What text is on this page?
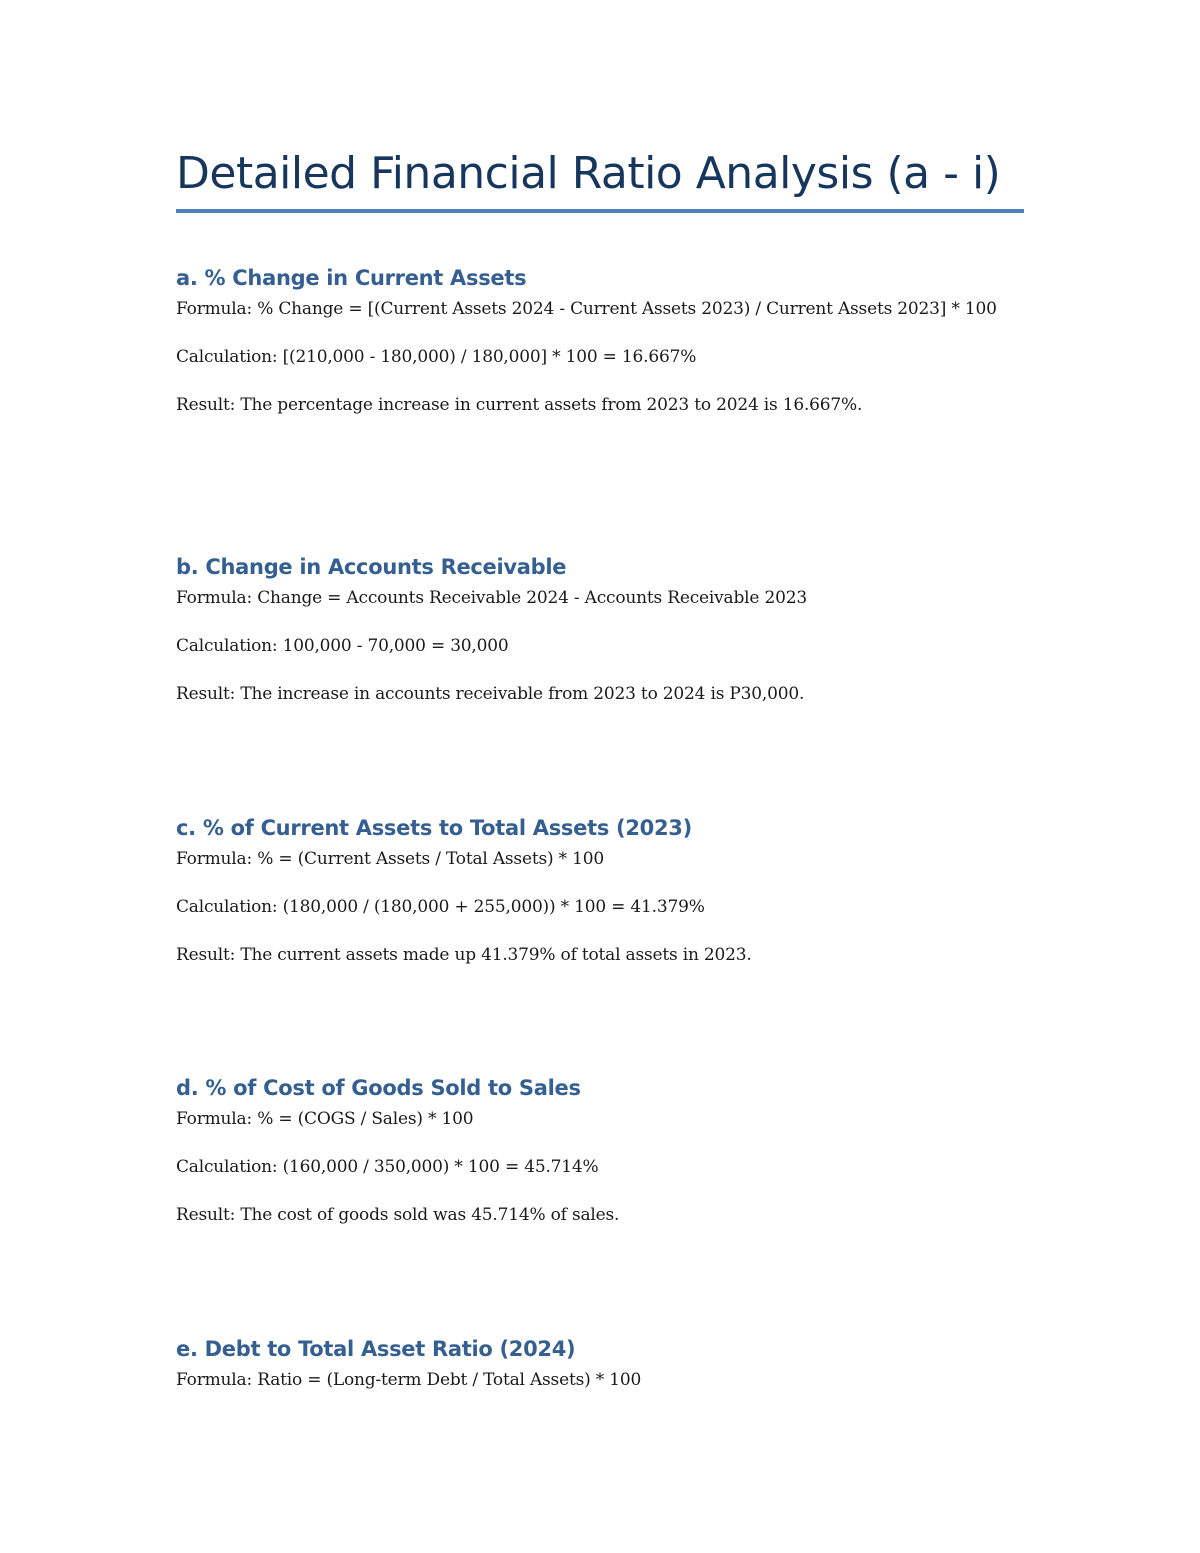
Detailed Financial Ratio Analysis (a - i)
a. % Change in Current Assets

Formula: % Change = [(Current Assets 2024 - Current Assets 2023) / Current Assets 2023] * 100

Calculation: [(210,000 - 180,000) / 180,000] * 100 = 16.667%

Result: The percentage increase in current assets from 2023 to 2024 is 16.667%.

b. Change in Accounts Receivable

Formula: Change = Accounts Receivable 2024 - Accounts Receivable 2023

Calculation: 100,000 - 70,000 = 30,000

Result: The increase in accounts receivable from 2023 to 2024 is P30,000.

c. % of Current Assets to Total Assets (2023)

Formula: % = (Current Assets / Total Assets) * 100

Calculation: (180,000 / (180,000 + 255,000)) * 100 = 41.379%

Result: The current assets made up 41.379% of total assets in 2023.

d. % of Cost of Goods Sold to Sales

Formula: % = (COGS / Sales) * 100

Calculation: (160,000 / 350,000) * 100 = 45.714%

Result: The cost of goods sold was 45.714% of sales.

e. Debt to Total Asset Ratio (2024)

Formula: Ratio = (Long-term Debt / Total Assets) * 100
